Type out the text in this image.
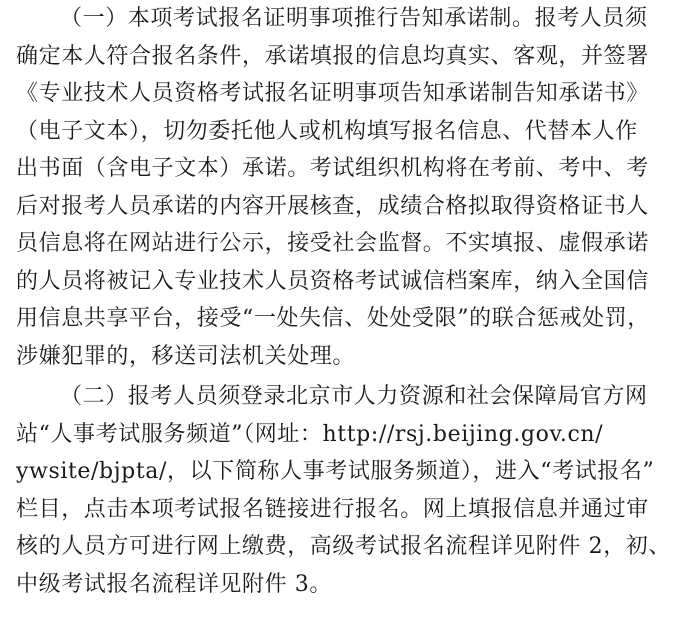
（一）本项考试报名证明事项推行告知承诺制。报考人员须
确定本人符合报名条件，承诺填报的信息均真实、客观，并签署
《专业技术人员资格考试报名证明事项告知承诺制告知承诺书》
（电子文本），切勿委托他人或机构填写报名信息、代替本人作
出书面（含电子文本）承诺。考试组织机构将在考前、考中、考
后对报考人员承诺的内容开展核查，成绩合格拟取得资格证书人
员信息将在网站进行公示，接受社会监督。不实填报、虚假承诺
的人员将被记入专业技术人员资格考试诚信档案库，纳入全国信
用信息共享平台，接受“一处失信、处处受限”的联合惩戒处罚，
涉嫌犯罪的，移送司法机关处理。
（二）报考人员须登录北京市人力资源和社会保障局官方网
站“人事考试服务频道”（网址：http://rsj.beijing.gov.cn/
ywsite/bjpta/，以下简称人事考试服务频道），进入“考试报名”
栏目，点击本项考试报名链接进行报名。网上填报信息并通过审
核的人员方可进行网上缴费，高级考试报名流程详见附件 2，初、
中级考试报名流程详见附件 3。
